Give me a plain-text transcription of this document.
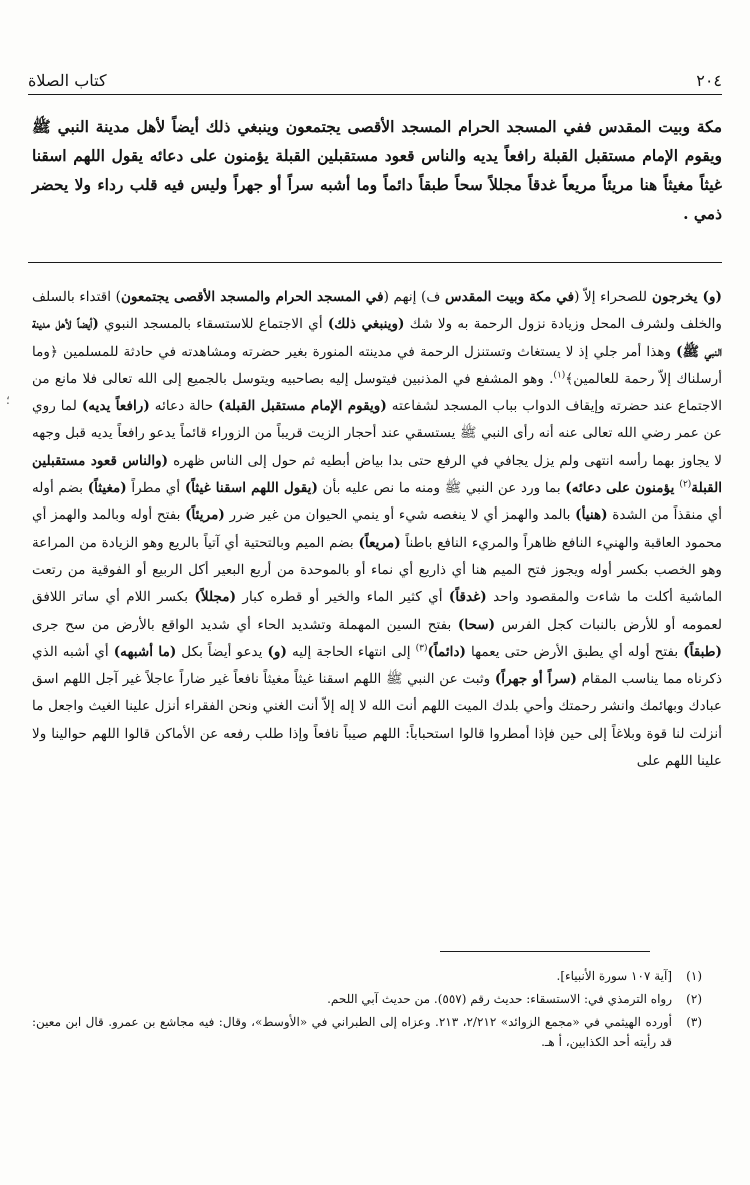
٢٠٤
كتاب الصلاة

مكة وبيت المقدس ففي المسجد الحرام المسجد الأقصى يجتمعون وينبغي ذلك أيضاً لأهل مدينة النبي ﷺ ويقوم الإمام مستقبل القبلة رافعاً يديه والناس قعود مستقبلين القبلة يؤمنون على دعائه يقول اللهم اسقنا غيثاً مغيثاً هنا مريئاً مريعاً غدقاً مجللاً سحاً طبقاً دائماً وما أشبه سراً أو جهراً وليس فيه قلب رداء ولا يحضر ذمي .

(و) يخرجون للصحراء إلاّ (في مكة وبيت المقدس ف) إنهم (في المسجد الحرام والمسجد الأقصى يجتمعون) اقتداء بالسلف والخلف ولشرف المحل وزيادة نزول الرحمة به ولا شك (وينبغي ذلك) أي الاجتماع للاستسقاء بالمسجد النبوي (أيضاً لأهل مدينة النبي ﷺ) وهذا أمر جلي إذ لا يستغاث وتستنزل الرحمة في مدينته المنورة بغير حضرته ومشاهدته في حادثة للمسلمين ﴿وما أرسلناك إلاّ رحمة للعالمين﴾$^{(١)}$. وهو المشفع في المذنبين فيتوسل إليه بصاحبيه ويتوسل بالجميع إلى الله تعالى فلا مانع من الاجتماع عند حضرته وإيقاف الدواب بباب المسجد لشفاعته (ويقوم الإمام مستقبل القبلة) حالة دعائه (رافعاً يديه) لما روي عن عمر رضي الله تعالى عنه أنه رأى النبي ﷺ يستسقي عند أحجار الزيت قريباً من الزوراء قائماً يدعو رافعاً يديه قبل وجهه لا يجاوز بهما رأسه انتهى ولم يزل يجافي في الرفع حتى بدا بياض أبطيه ثم حول إلى الناس ظهره (والناس قعود مستقبلين القبلة$^{(٢)}$ يؤمنون على دعائه) بما ورد عن النبي ﷺ ومنه ما نص عليه بأن (يقول اللهم اسقنا غيثاً) أي مطراً (مغيثاً) بضم أوله أي منقذاً من الشدة (هنيأ) بالمد والهمز أي لا ينغصه شيء أو ينمي الحيوان من غير ضرر (مريئاً) بفتح أوله وبالمد والهمز أي محمود العاقبة والهنيء النافع ظاهراً والمريء النافع باطناً (مريعاً) بضم الميم وبالتحتية أي آتياً بالريع وهو الزيادة من المراعة وهو الخصب بكسر أوله ويجوز فتح الميم هنا أي ذاريع أي نماء أو بالموحدة من أربع البعير أكل الربيع أو الفوقية من رتعت الماشية أكلت ما شاءت والمقصود واحد (غدقاً) أي كثير الماء والخير أو قطره كبار (مجللاً) بكسر اللام أي ساتر اللافق لعمومه أو للأرض بالنبات كجل الفرس (سحا) بفتح السين المهملة وتشديد الحاء أي شديد الواقع بالأرض من سح جرى (طبقاً) بفتح أوله أي يطبق الأرض حتى يعمها (دائماً)$^{(٣)}$ إلى انتهاء الحاجة إليه (و) يدعو أيضاً بكل (ما أشبهه) أي أشبه الذي ذكرناه مما يناسب المقام (سراً أو جهراً) وثبت عن النبي ﷺ اللهم اسقنا غيثاً مغيثاً نافعاً غير ضاراً عاجلاً غير آجل اللهم اسق عبادك وبهائمك وانشر رحمتك وأحي بلدك الميت اللهم أنت الله لا إله إلاّ أنت الغني ونحن الفقراء أنزل علينا الغيث واجعل ما أنزلت لنا قوة وبلاغاً إلى حين فإذا أمطروا قالوا استحباباً: اللهم صيباً نافعاً وإذا طلب رفعه عن الأماكن قالوا اللهم حوالينا ولا علينا اللهم على

؛

(١)[آية ١٠٧ سورة الأنبياء].

(٢)رواه الترمذي في: الاستسقاء: حديث رقم (٥٥٧). من حديث آبي اللحم.

(٣)أورده الهيثمي في «مجمع الزوائد» ٢/٢١٢، ٢١٣. وعزاه إلى الطبراني في «الأوسط»، وقال: فيه مجاشع بن عمرو. قال ابن معين: قد رأيته أحد الكذابين، أ هـ.
